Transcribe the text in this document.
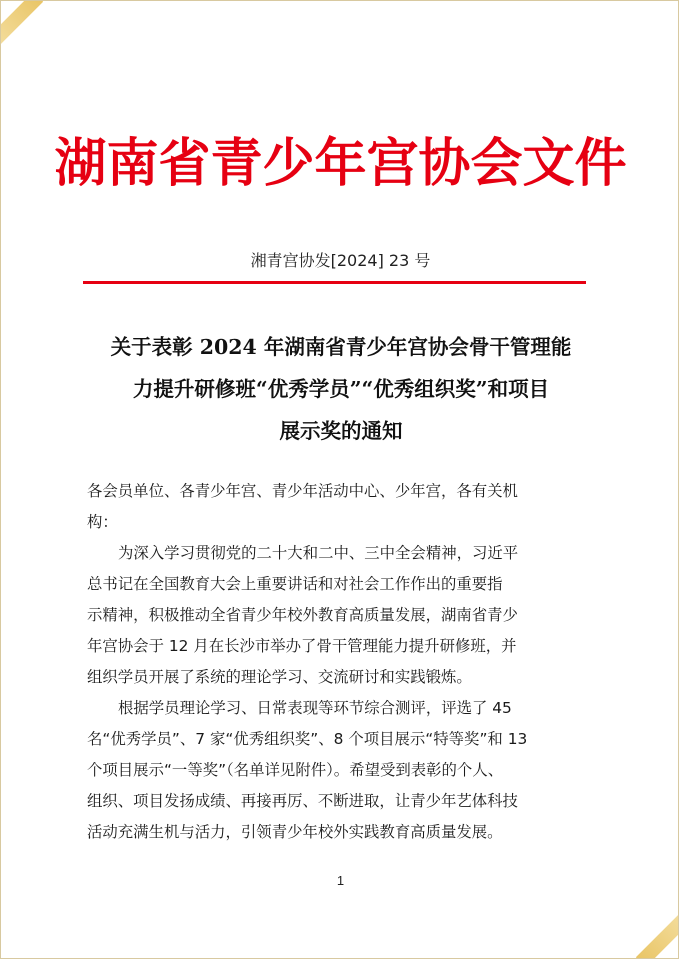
湖南省青少年宫协会文件
湘青宫协发[2024] 23 号
关于表彰 2024 年湖南省青少年宫协会骨干管理能
力提升研修班“优秀学员”“优秀组织奖”和项目
展示奖的通知
各会员单位、各青少年宫、青少年活动中心、少年宫，各有关机
构：
为深入学习贯彻党的二十大和二中、三中全会精神，习近平
总书记在全国教育大会上重要讲话和对社会工作作出的重要指
示精神，积极推动全省青少年校外教育高质量发展，湖南省青少
年宫协会于 12 月在长沙市举办了骨干管理能力提升研修班，并
组织学员开展了系统的理论学习、交流研讨和实践锻炼。
根据学员理论学习、日常表现等环节综合测评，评选了 45
名“优秀学员”、7 家“优秀组织奖”、8 个项目展示“特等奖”和 13
个项目展示“一等奖”（名单详见附件）。希望受到表彰的个人、
组织、项目发扬成绩、再接再厉、不断进取，让青少年艺体科技
活动充满生机与活力，引领青少年校外实践教育高质量发展。
1
